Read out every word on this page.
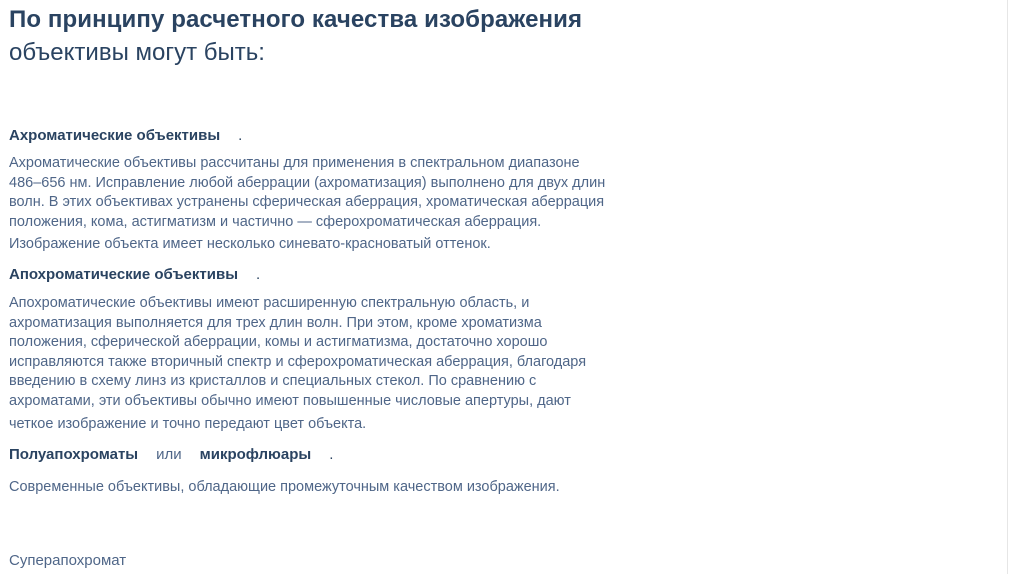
По принципу расчетного качества изображения
объективы могут быть:
Ахроматические объективы .
Ахроматические объективы рассчитаны для применения в спектральном диапазоне
486–656 нм. Исправление любой аберрации (ахроматизация) выполнено для двух длин
волн. В этих объективах устранены сферическая аберрация, хроматическая аберрация
положения, кома, астигматизм и частично — сферохроматическая аберрация.
Изображение объекта имеет несколько синевато-красноватый оттенок.
Апохроматические объективы .
Апохроматические объективы имеют расширенную спектральную область, и
ахроматизация выполняется для трех длин волн. При этом, кроме хроматизма
положения, сферической аберрации, комы и астигматизма, достаточно хорошо
исправляются также вторичный спектр и сферохроматическая аберрация, благодаря
введению в схему линз из кристаллов и специальных стекол. По сравнению с
ахроматами, эти объективы обычно имеют повышенные числовые апертуры, дают
четкое изображение и точно передают цвет объекта.
Полуапохроматы или микрофлюары .
Современные объективы, обладающие промежуточным качеством изображения.
Суперапохромат
